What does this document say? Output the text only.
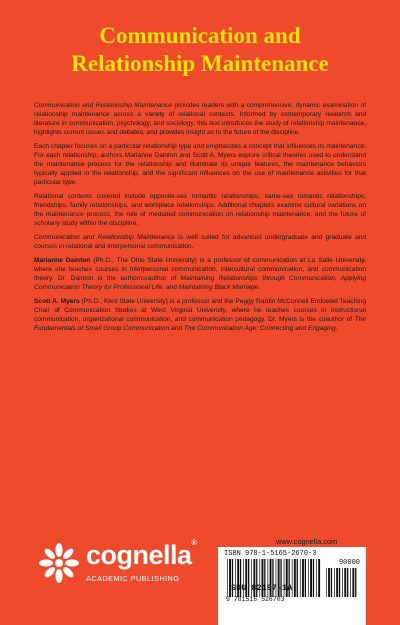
Communication and
Relationship Maintenance

Communication and Relationship Maintenance provides readers with a comprehensive, dynamic examination of relationship maintenance across a variety of relational contexts. Informed by contemporary research and literature in communication, psychology, and sociology, this text introduces the study of relationship maintenance, highlights current issues and debates, and provides insight as to the future of the discipline.

Each chapter focuses on a particular relationship type and emphasizes a concept that influences its maintenance. For each relationship, authors Marianne Dainton and Scott A. Myers explore critical theories used to understand the maintenance process for the relationship and illuminate its unique features, the maintenance behaviors typically applied in the relationship, and the significant influences on the use of maintenance activities for that particular type.

Relational contexts covered include opposite-sex romantic relationships, same-sex romantic relationships, friendships, family relationships, and workplace relationships. Additional chapters examine cultural variations on the maintenance process, the role of mediated communication on relationship maintenance, and the future of scholarly study within the discipline.

Communication and Relationship Maintenance is well suited for advanced undergraduate and graduate and courses in relational and interpersonal communication.

Marianne Dainton (Ph.D., The Ohio State University) is a professor of communication at La Salle University, where she teaches courses in interpersonal communication, intercultural communication, and communication theory. Dr. Dainton is the author/coauthor of Maintaining Relationships through Communication, Applying Communication Theory for Professional Life, and Maintaining Black Marriage.

Scott A. Myers (Ph.D., Kent State University) is a professor and the Peggy Rardin McConnell Endowed Teaching Chair of Communication Studies at West Virginia University, where he teaches courses in instructional communication, organizational communication, and communication pedagogy. Dr. Myers is the coauthor of The Fundamentals of Small Group Communication and The Communication Age: Connecting and Engaging.

www.cognella.com
cognella®
ACADEMIC PUBLISHING
ISBN 978-1-5165-2670-3
90000
9 781516 526703
SKU 82197-1A
